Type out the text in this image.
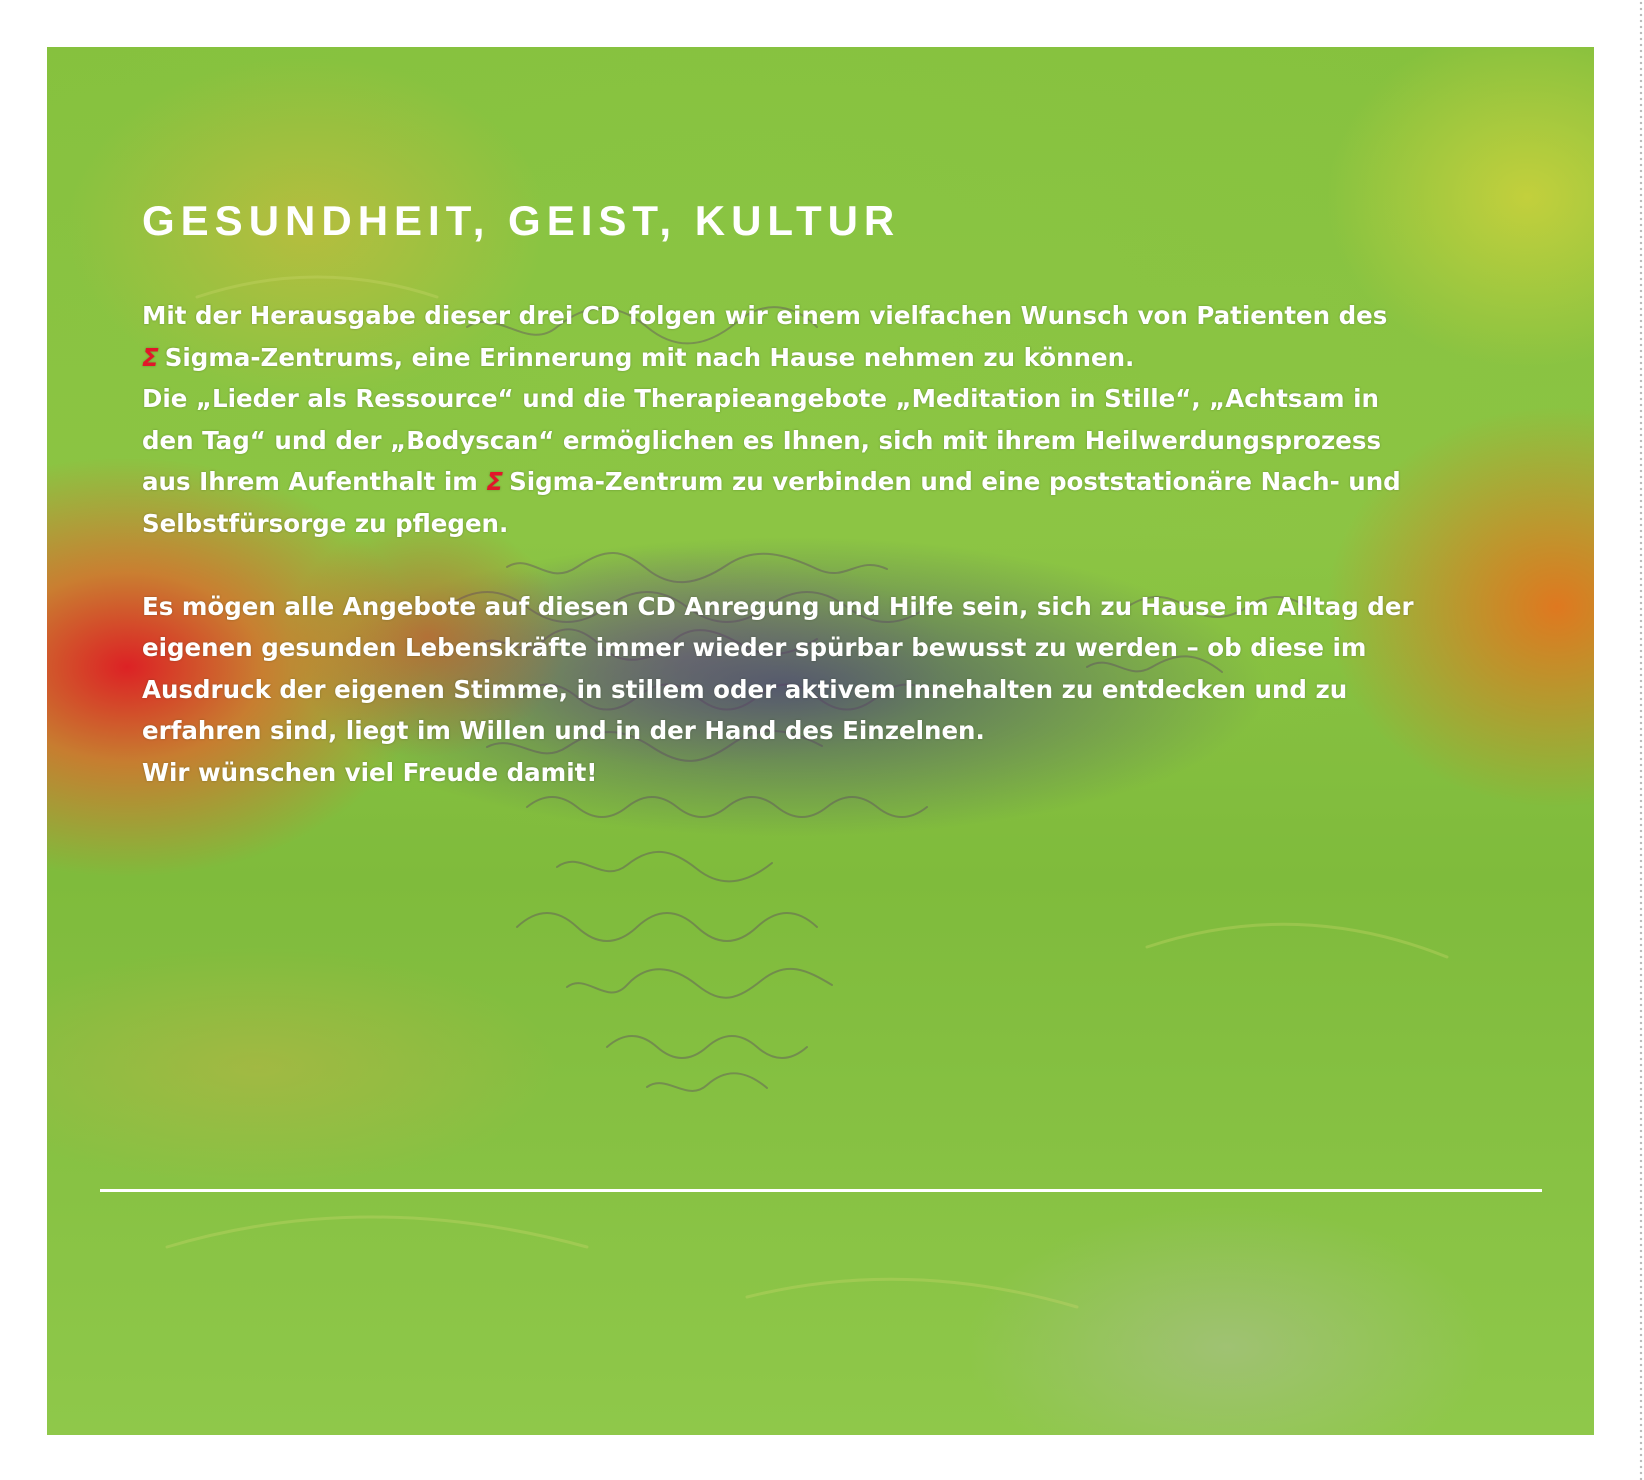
GESUNDHEIT, GEIST, KULTUR
Mit der Herausgabe dieser drei CD folgen wir einem vielfachen Wunsch von Patienten des
Σ Sigma-Zentrums, eine Erinnerung mit nach Hause nehmen zu können.
Die „Lieder als Ressource“ und die Therapieangebote „Meditation in Stille“, „Achtsam in
den Tag“ und der „Bodyscan“ ermöglichen es Ihnen, sich mit ihrem Heilwerdungsprozess
aus Ihrem Aufenthalt im Σ Sigma-Zentrum zu verbinden und eine poststationäre Nach- und
Selbstfürsorge zu pflegen.
Es mögen alle Angebote auf diesen CD Anregung und Hilfe sein, sich zu Hause im Alltag der
eigenen gesunden Lebenskräfte immer wieder spürbar bewusst zu werden – ob diese im
Ausdruck der eigenen Stimme, in stillem oder aktivem Innehalten zu entdecken und zu
erfahren sind, liegt im Willen und in der Hand des Einzelnen.
Wir wünschen viel Freude damit!
